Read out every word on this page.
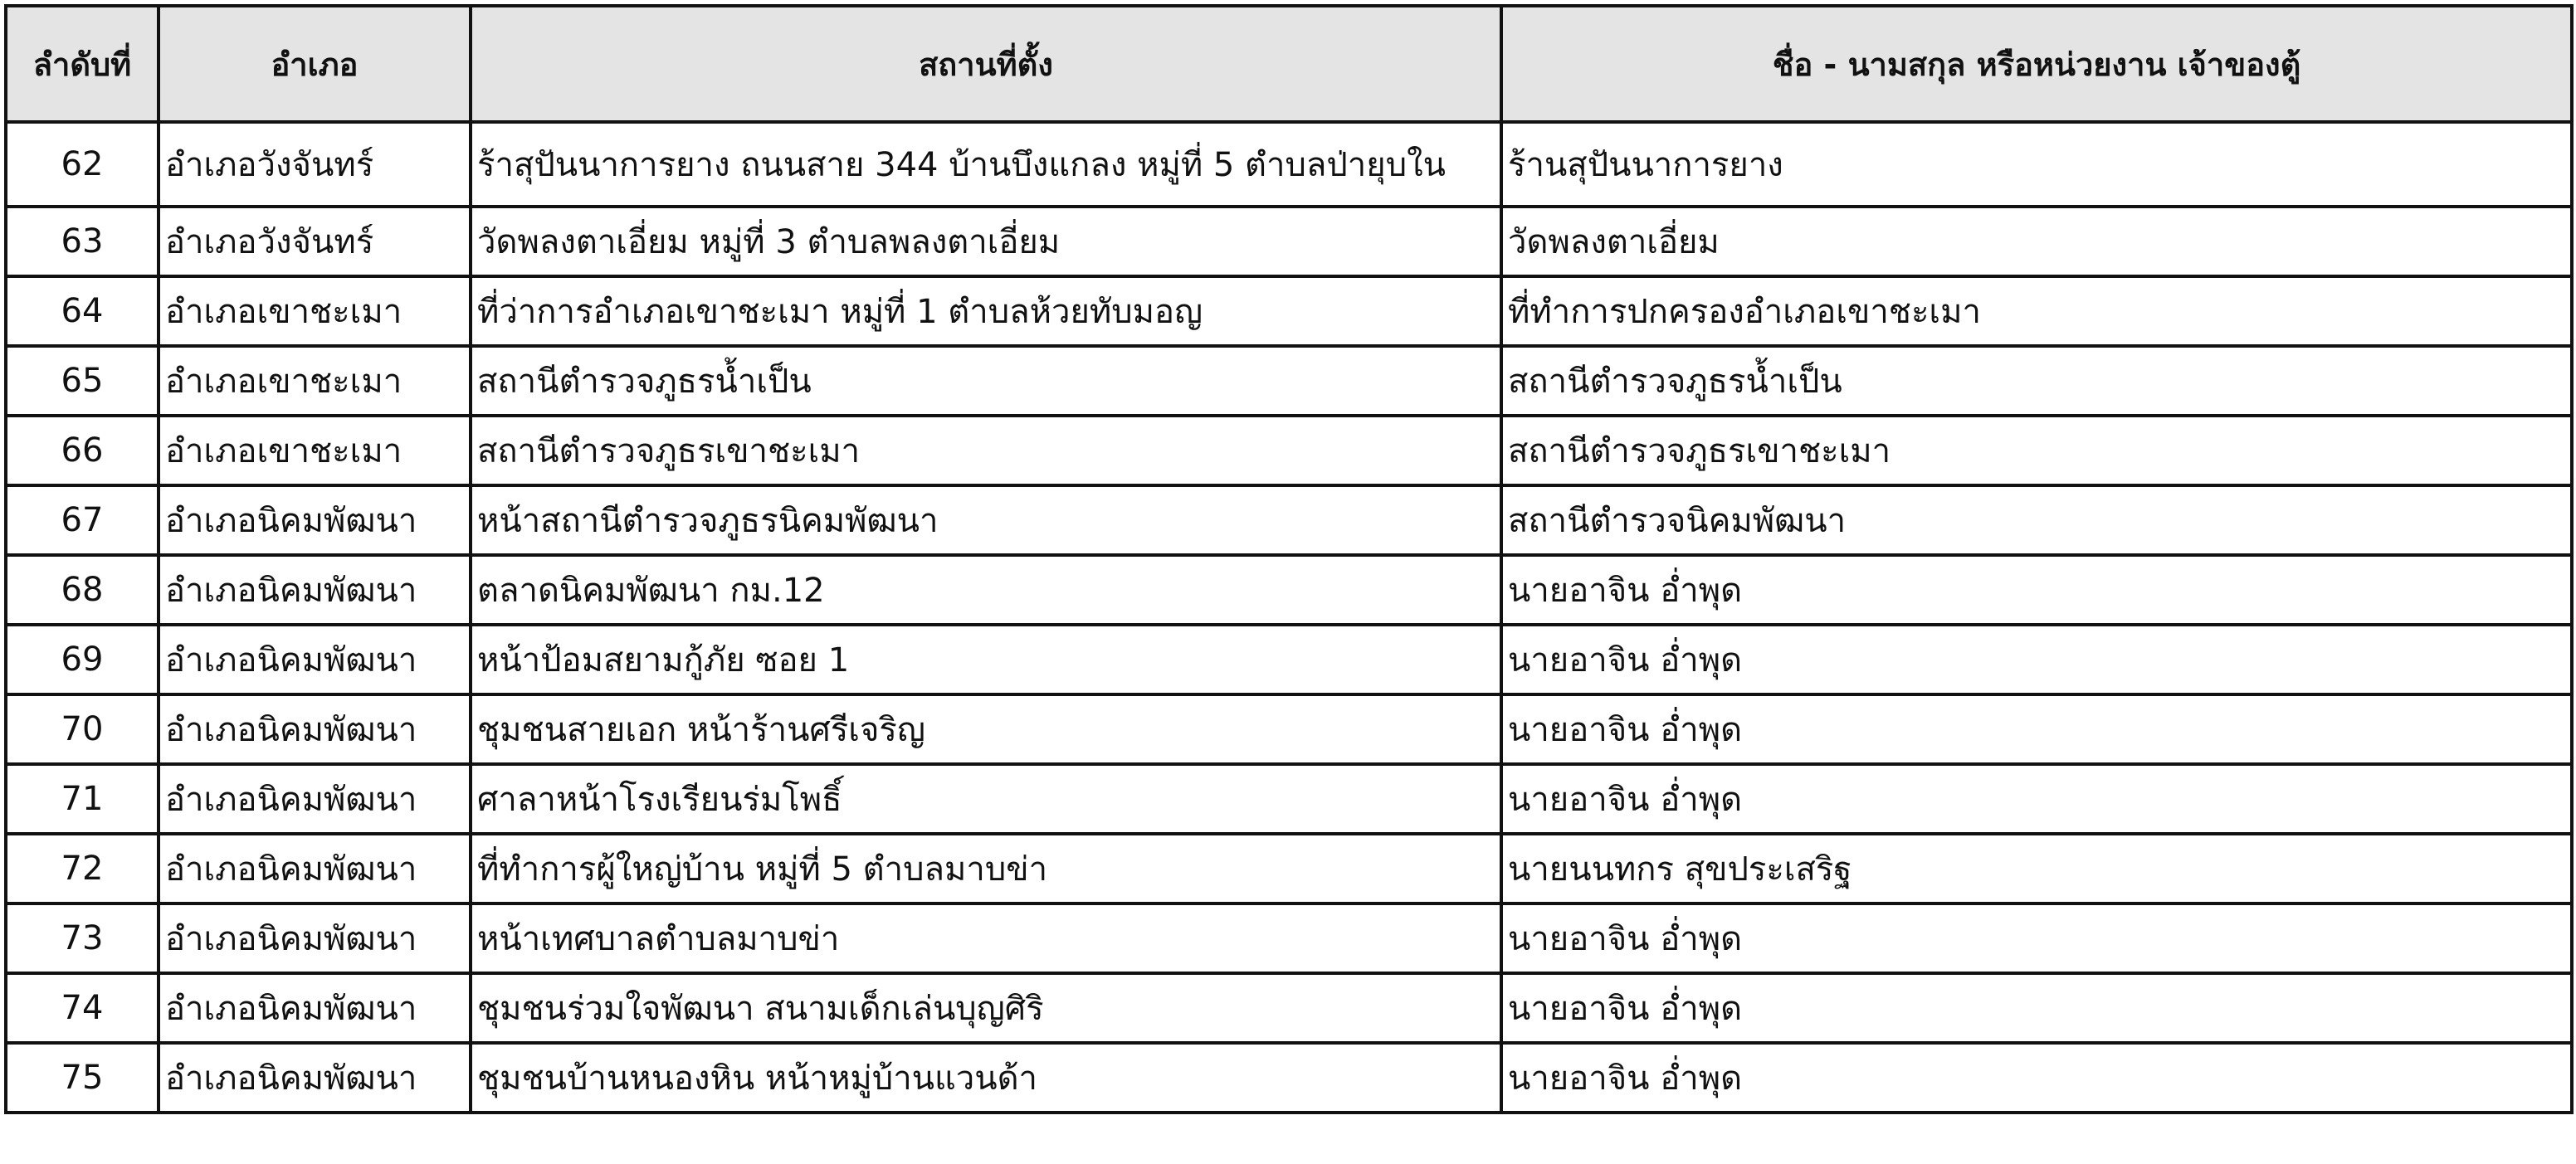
ลำดับที่	อำเภอ	สถานที่ตั้ง	ชื่อ - นามสกุล หรือหน่วยงาน เจ้าของตู้
62	อำเภอวังจันทร์	ร้าสุปันนาการยาง ถนนสาย 344 บ้านบึงแกลง หมู่ที่ 5 ตำบลป่ายุบใน	ร้านสุปันนาการยาง
63	อำเภอวังจันทร์	วัดพลงตาเอี่ยม หมู่ที่ 3 ตำบลพลงตาเอี่ยม	วัดพลงตาเอี่ยม
64	อำเภอเขาชะเมา	ที่ว่าการอำเภอเขาชะเมา หมู่ที่ 1 ตำบลห้วยทับมอญ	ที่ทำการปกครองอำเภอเขาชะเมา
65	อำเภอเขาชะเมา	สถานีตำรวจภูธรน้ำเป็น	สถานีตำรวจภูธรน้ำเป็น
66	อำเภอเขาชะเมา	สถานีตำรวจภูธรเขาชะเมา	สถานีตำรวจภูธรเขาชะเมา
67	อำเภอนิคมพัฒนา	หน้าสถานีตำรวจภูธรนิคมพัฒนา	สถานีตำรวจนิคมพัฒนา
68	อำเภอนิคมพัฒนา	ตลาดนิคมพัฒนา กม.12	นายอาจิน อ่ำพุด
69	อำเภอนิคมพัฒนา	หน้าป้อมสยามกู้ภัย ซอย 1	นายอาจิน อ่ำพุด
70	อำเภอนิคมพัฒนา	ชุมชนสายเอก หน้าร้านศรีเจริญ	นายอาจิน อ่ำพุด
71	อำเภอนิคมพัฒนา	ศาลาหน้าโรงเรียนร่มโพธิ์	นายอาจิน อ่ำพุด
72	อำเภอนิคมพัฒนา	ที่ทำการผู้ใหญ่บ้าน หมู่ที่ 5 ตำบลมาบข่า	นายนนทกร สุขประเสริฐ
73	อำเภอนิคมพัฒนา	หน้าเทศบาลตำบลมาบข่า	นายอาจิน อ่ำพุด
74	อำเภอนิคมพัฒนา	ชุมชนร่วมใจพัฒนา สนามเด็กเล่นบุญศิริ	นายอาจิน อ่ำพุด
75	อำเภอนิคมพัฒนา	ชุมชนบ้านหนองหิน หน้าหมู่บ้านแวนด้า	นายอาจิน อ่ำพุด
